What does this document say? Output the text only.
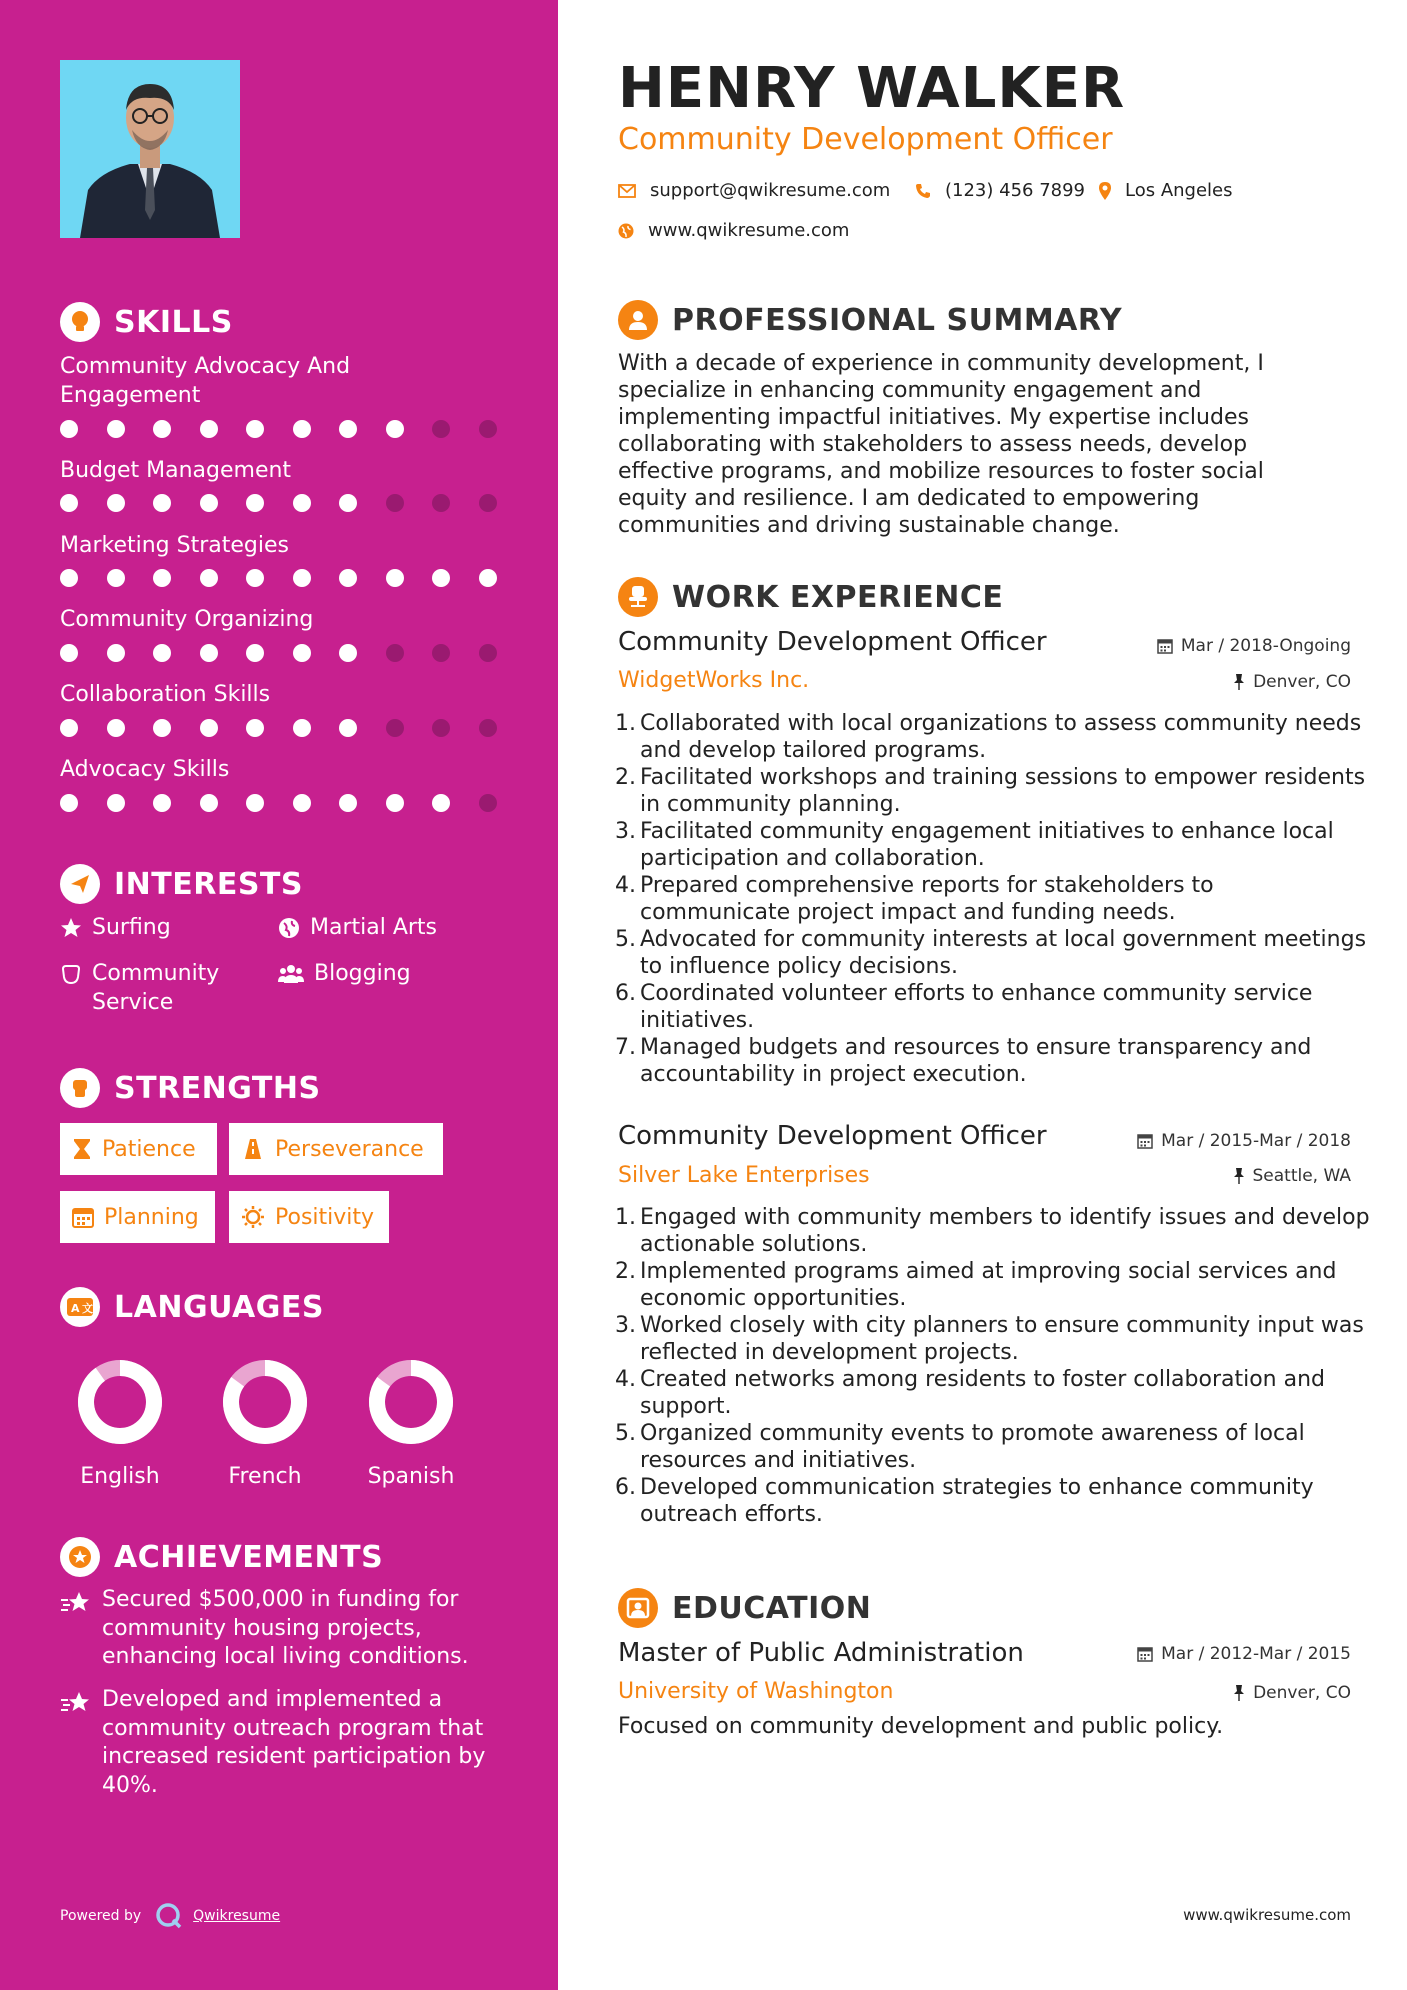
SKILLS
Community Advocacy And Engagement
Budget Management
Marketing Strategies
Community Organizing
Collaboration Skills
Advocacy Skills
INTERESTS
Surfing	Martial Arts
Community Service
Blogging
STRENGTHS
Patience	Perseverance
Planning	Positivity
A 文 LANGUAGES
English	French	Spanish
ACHIEVEMENTS
Secured $500,000 in funding for community housing projects, enhancing local living conditions.
Developed and implemented a community outreach program that increased resident participation by 40%.
Powered by	Qwikresume
HENRY WALKER
Community Development Officer
support@qwikresume.com	(123) 456 7899 Los Angeles
www.qwikresume.com
PROFESSIONAL SUMMARY

With a decade of experience in community development, I specialize in enhancing community engagement and implementing impactful initiatives. My expertise includes collaborating with stakeholders to assess needs, develop effective programs, and mobilize resources to foster social equity and resilience. I am dedicated to empowering communities and driving sustainable change.

WORK EXPERIENCE
Community Development Officer	Mar / 2018-Ongoing
WidgetWorks Inc.	Denver, CO
1. Collaborated with local organizations to assess community needs and develop tailored programs.
2. Facilitated workshops and training sessions to empower residents in community planning.
3. Facilitated community engagement initiatives to enhance local participation and collaboration.
4. Prepared comprehensive reports for stakeholders to communicate project impact and funding needs.
5. Advocated for community interests at local government meetings to influence policy decisions.
6. Coordinated volunteer efforts to enhance community service initiatives.
7. Managed budgets and resources to ensure transparency and accountability in project execution.
Community Development Officer	Mar / 2015-Mar / 2018
Silver Lake Enterprises	Seattle, WA
1. Engaged with community members to identify issues and develop actionable solutions.
2. Implemented programs aimed at improving social services and economic opportunities.
3. Worked closely with city planners to ensure community input was reflected in development projects.
4. Created networks among residents to foster collaboration and support.
5. Organized community events to promote awareness of local resources and initiatives.
6. Developed communication strategies to enhance community outreach efforts.
EDUCATION
Master of Public Administration	Mar / 2012-Mar / 2015
University of Washington	Denver, CO
Focused on community development and public policy.
www.qwikresume.com
